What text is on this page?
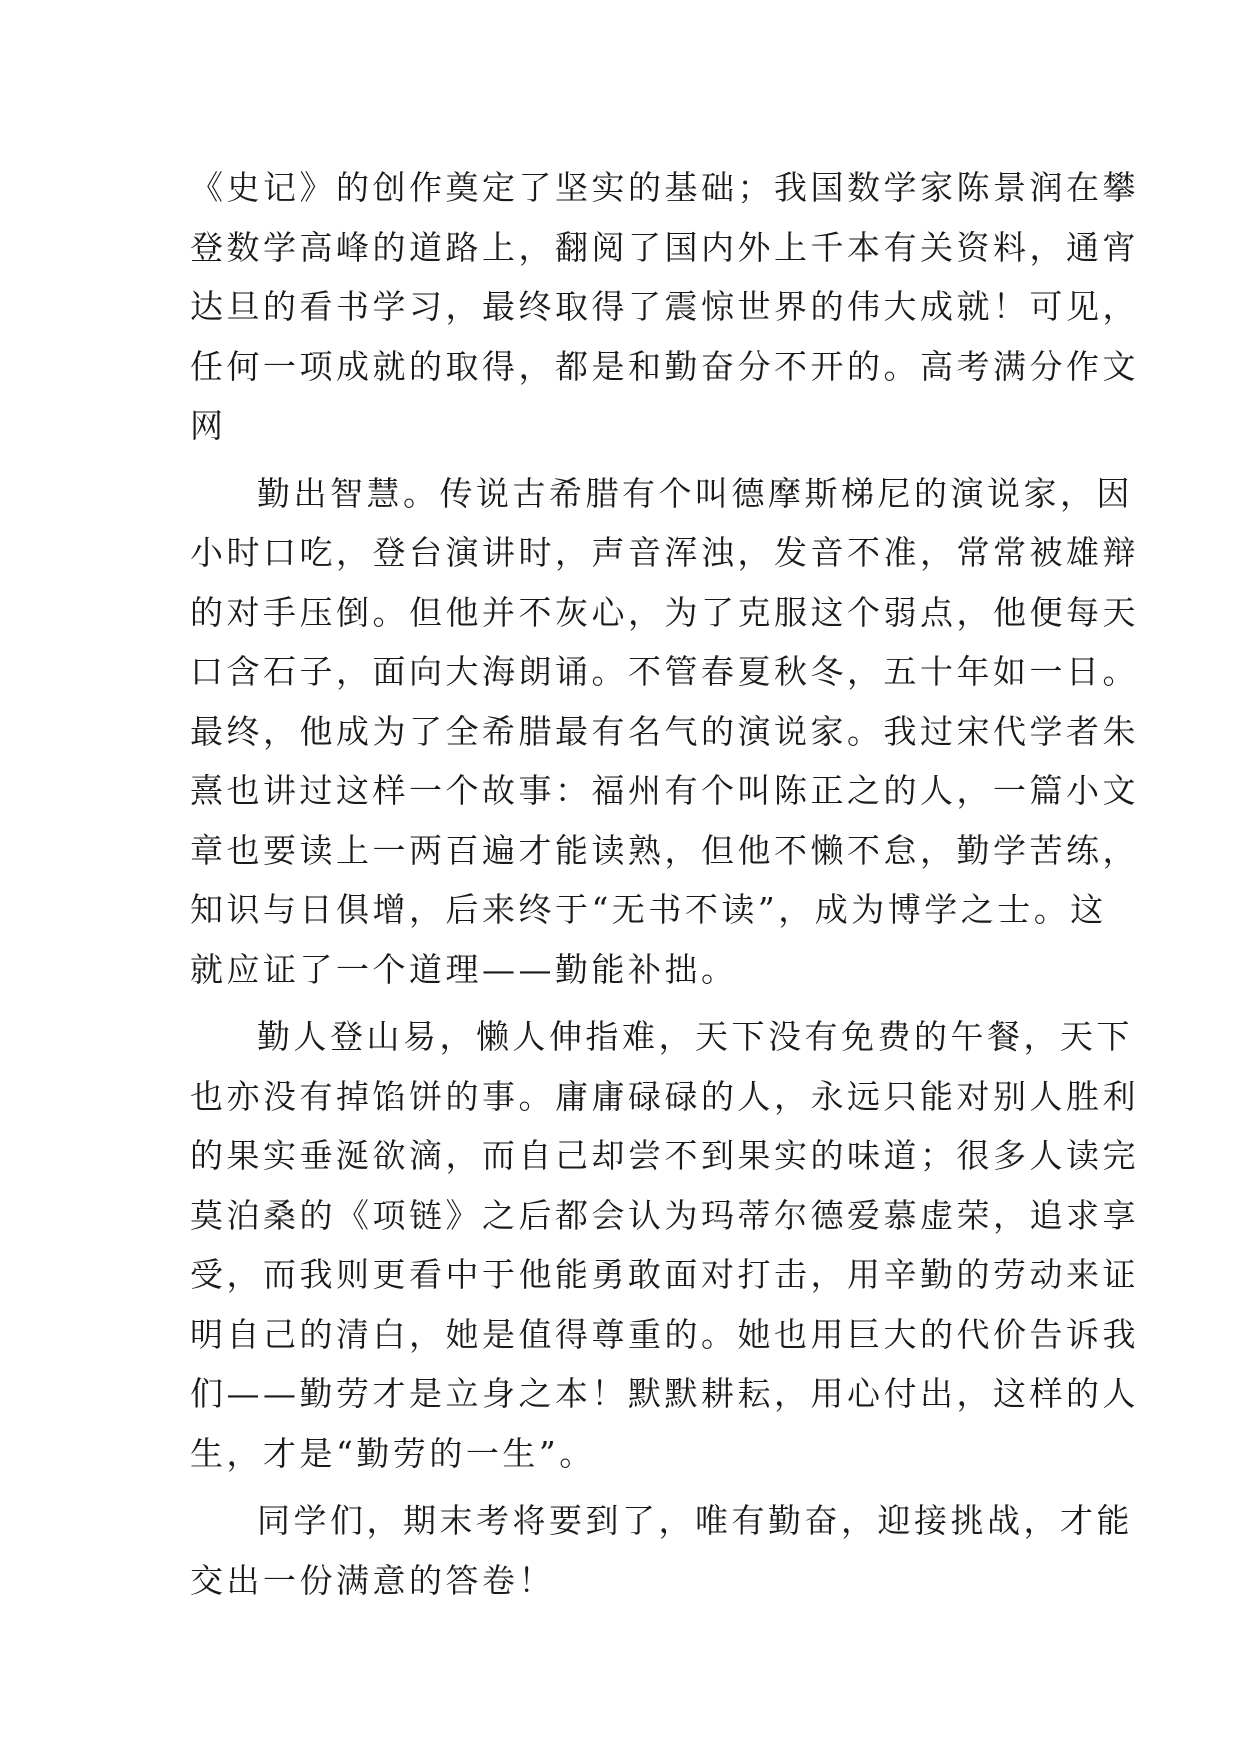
《史记》的创作奠定了坚实的基础；我国数学家陈景润在攀
登数学高峰的道路上，翻阅了国内外上千本有关资料，通宵
达旦的看书学习，最终取得了震惊世界的伟大成就！可见，
任何一项成就的取得，都是和勤奋分不开的。高考满分作文
网
勤出智慧。传说古希腊有个叫德摩斯梯尼的演说家，因
小时口吃，登台演讲时，声音浑浊，发音不准，常常被雄辩
的对手压倒。但他并不灰心，为了克服这个弱点，他便每天
口含石子，面向大海朗诵。不管春夏秋冬，五十年如一日。
最终，他成为了全希腊最有名气的演说家。我过宋代学者朱
熹也讲过这样一个故事：福州有个叫陈正之的人，一篇小文
章也要读上一两百遍才能读熟，但他不懒不怠，勤学苦练，
知识与日俱增，后来终于“无书不读”，成为博学之士。这
就应证了一个道理——勤能补拙。
勤人登山易，懒人伸指难，天下没有免费的午餐，天下
也亦没有掉馅饼的事。庸庸碌碌的人，永远只能对别人胜利
的果实垂涎欲滴，而自己却尝不到果实的味道；很多人读完
莫泊桑的《项链》之后都会认为玛蒂尔德爱慕虚荣，追求享
受，而我则更看中于他能勇敢面对打击，用辛勤的劳动来证
明自己的清白，她是值得尊重的。她也用巨大的代价告诉我
们——勤劳才是立身之本！默默耕耘，用心付出，这样的人
生，才是“勤劳的一生”。
同学们，期末考将要到了，唯有勤奋，迎接挑战，才能
交出一份满意的答卷！
